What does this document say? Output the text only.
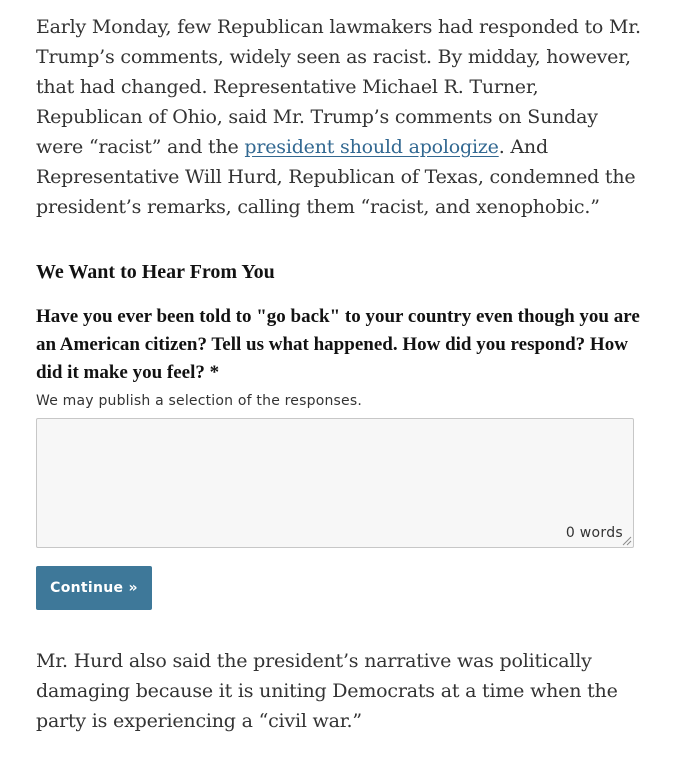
Early Monday, few Republican lawmakers had responded to Mr. Trump’s comments, widely seen as racist. By midday, however, that had changed. Representative Michael R. Turner, Republican of Ohio, said Mr. Trump’s comments on Sunday were “racist” and the president should apologize. And Representative Will Hurd, Republican of Texas, condemned the president’s remarks, calling them “racist, and xenophobic.”

We Want to Hear From You

Have you ever been told to "go back" to your country even though you are an American citizen? Tell us what happened. How did you respond? How did it make you feel? *

We may publish a selection of the responses.

0 words
Continue »

Mr. Hurd also said the president’s narrative was politically damaging because it is uniting Democrats at a time when the party is experiencing a “civil war.”
